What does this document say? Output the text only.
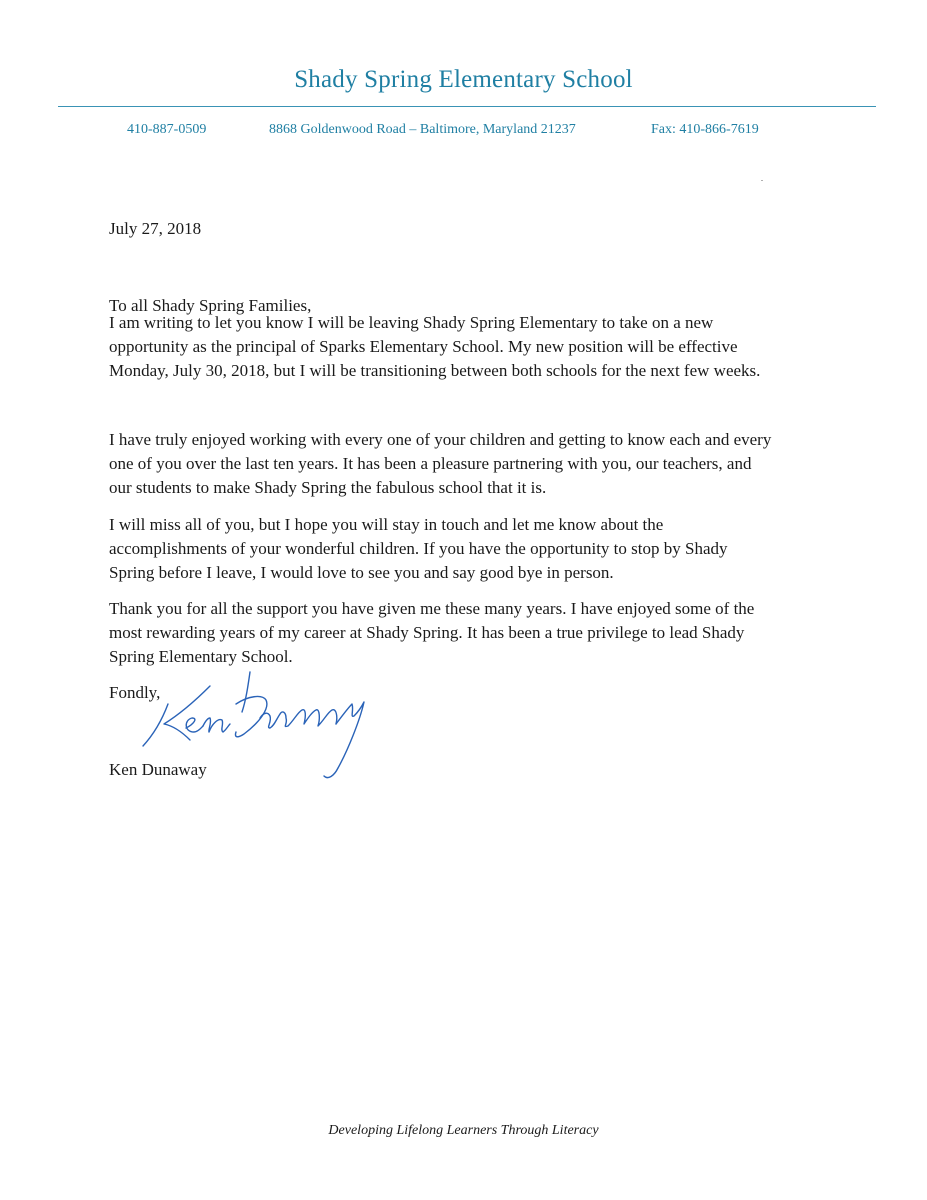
Shady Spring Elementary School
410-887-0509	8868 Goldenwood Road – Baltimore, Maryland 21237	Fax: 410-866-7619
July 27, 2018
To all Shady Spring Families,
I am writing to let you know I will be leaving Shady Spring Elementary to take on a new
opportunity as the principal of Sparks Elementary School. My new position will be effective
Monday, July 30, 2018, but I will be transitioning between both schools for the next few weeks.
I have truly enjoyed working with every one of your children and getting to know each and every
one of you over the last ten years. It has been a pleasure partnering with you, our teachers, and
our students to make Shady Spring the fabulous school that it is.
I will miss all of you, but I hope you will stay in touch and let me know about the
accomplishments of your wonderful children. If you have the opportunity to stop by Shady
Spring before I leave, I would love to see you and say good bye in person.
Thank you for all the support you have given me these many years. I have enjoyed some of the
most rewarding years of my career at Shady Spring. It has been a true privilege to lead Shady
Spring Elementary School.
Fondly,
Ken Dunaway
Developing Lifelong Learners Through Literacy
